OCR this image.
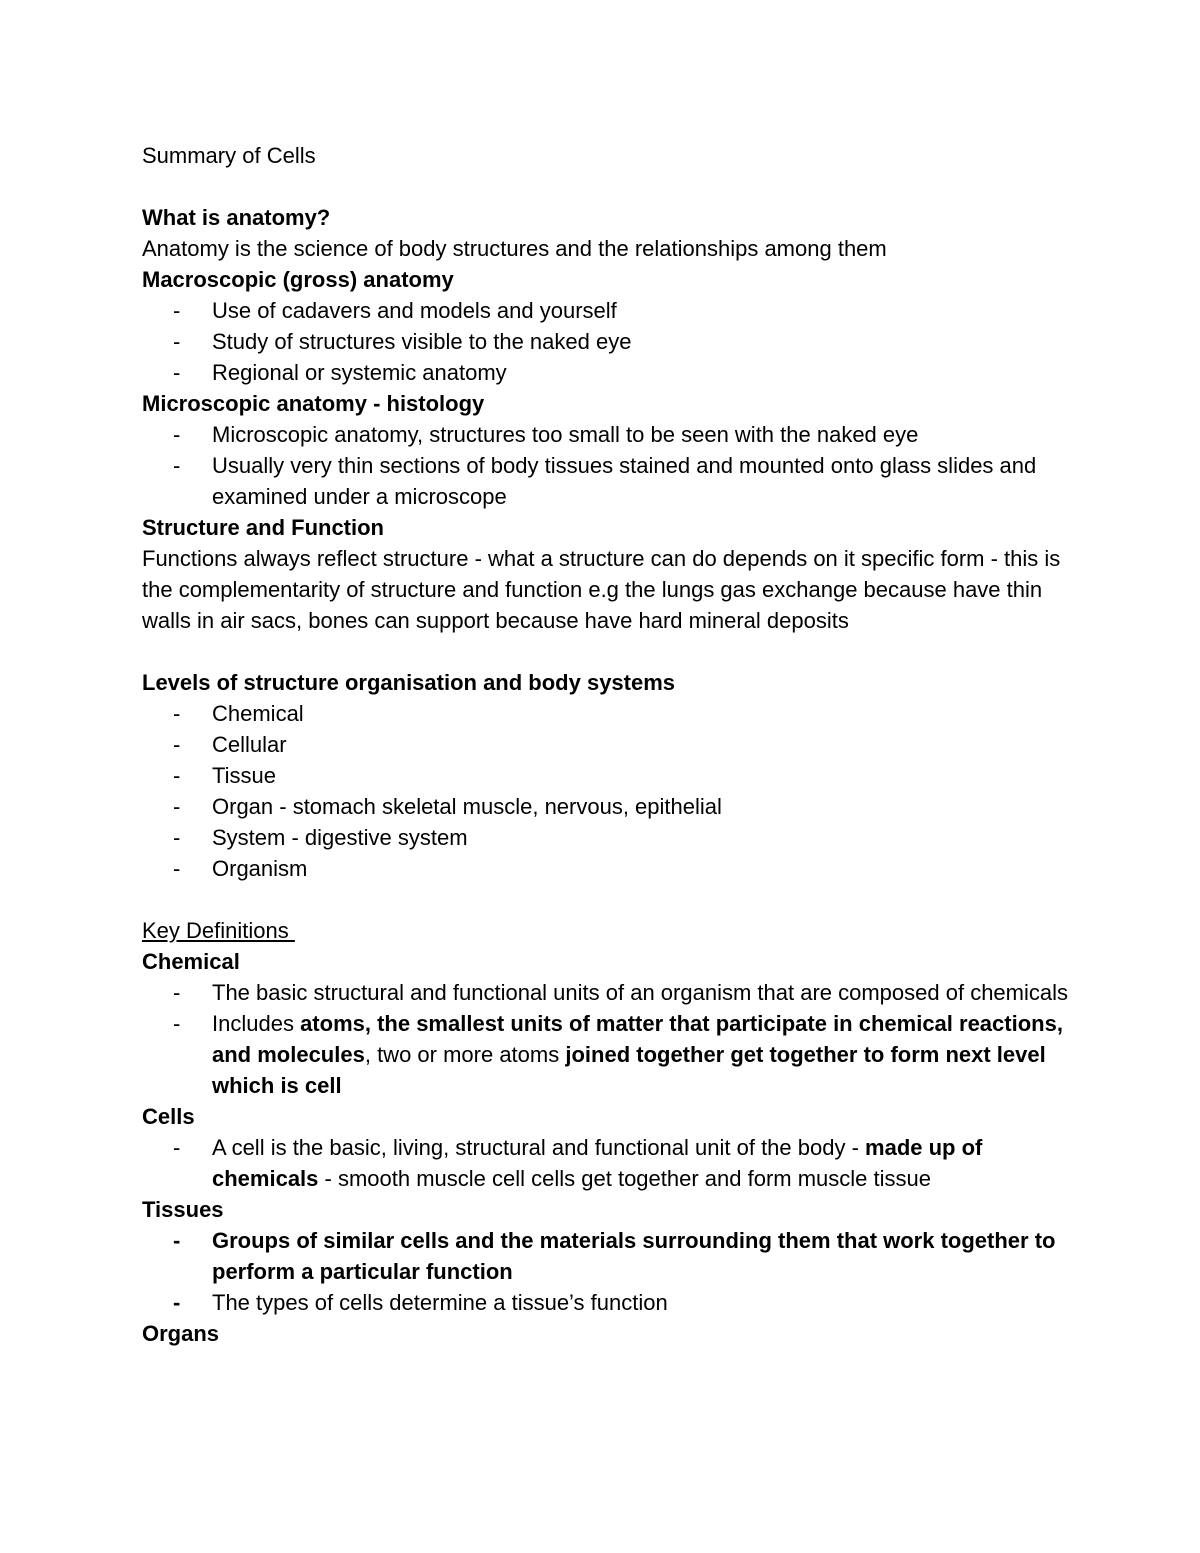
Summary of Cells

What is anatomy?

Anatomy is the science of body structures and the relationships among them

Macroscopic (gross) anatomy

-	Use of cadavers and models and yourself
-	Study of structures visible to the naked eye
-	Regional or systemic anatomy

Microscopic anatomy - histology

-	Microscopic anatomy, structures too small to be seen with the naked eye
-	Usually very thin sections of body tissues stained and mounted onto glass slides and examined under a microscope

Structure and Function

Functions always reflect structure - what a structure can do depends on it specific form - this is the complementarity of structure and function e.g the lungs gas exchange because have thin walls in air sacs, bones can support because have hard mineral deposits

Levels of structure organisation and body systems

-	Chemical
-	Cellular
-	Tissue
-	Organ - stomach skeletal muscle, nervous, epithelial
-	System - digestive system
-	Organism

Key Definitions

Chemical

-	The basic structural and functional units of an organism that are composed of chemicals
-	Includes atoms, the smallest units of matter that participate in chemical reactions, and molecules, two or more atoms joined together get together to form next level which is cell

Cells

-	A cell is the basic, living, structural and functional unit of the body - made up of chemicals - smooth muscle cell cells get together and form muscle tissue

Tissues

-	Groups of similar cells and the materials surrounding them that work together to perform a particular function
-	The types of cells determine a tissue’s function

Organs
